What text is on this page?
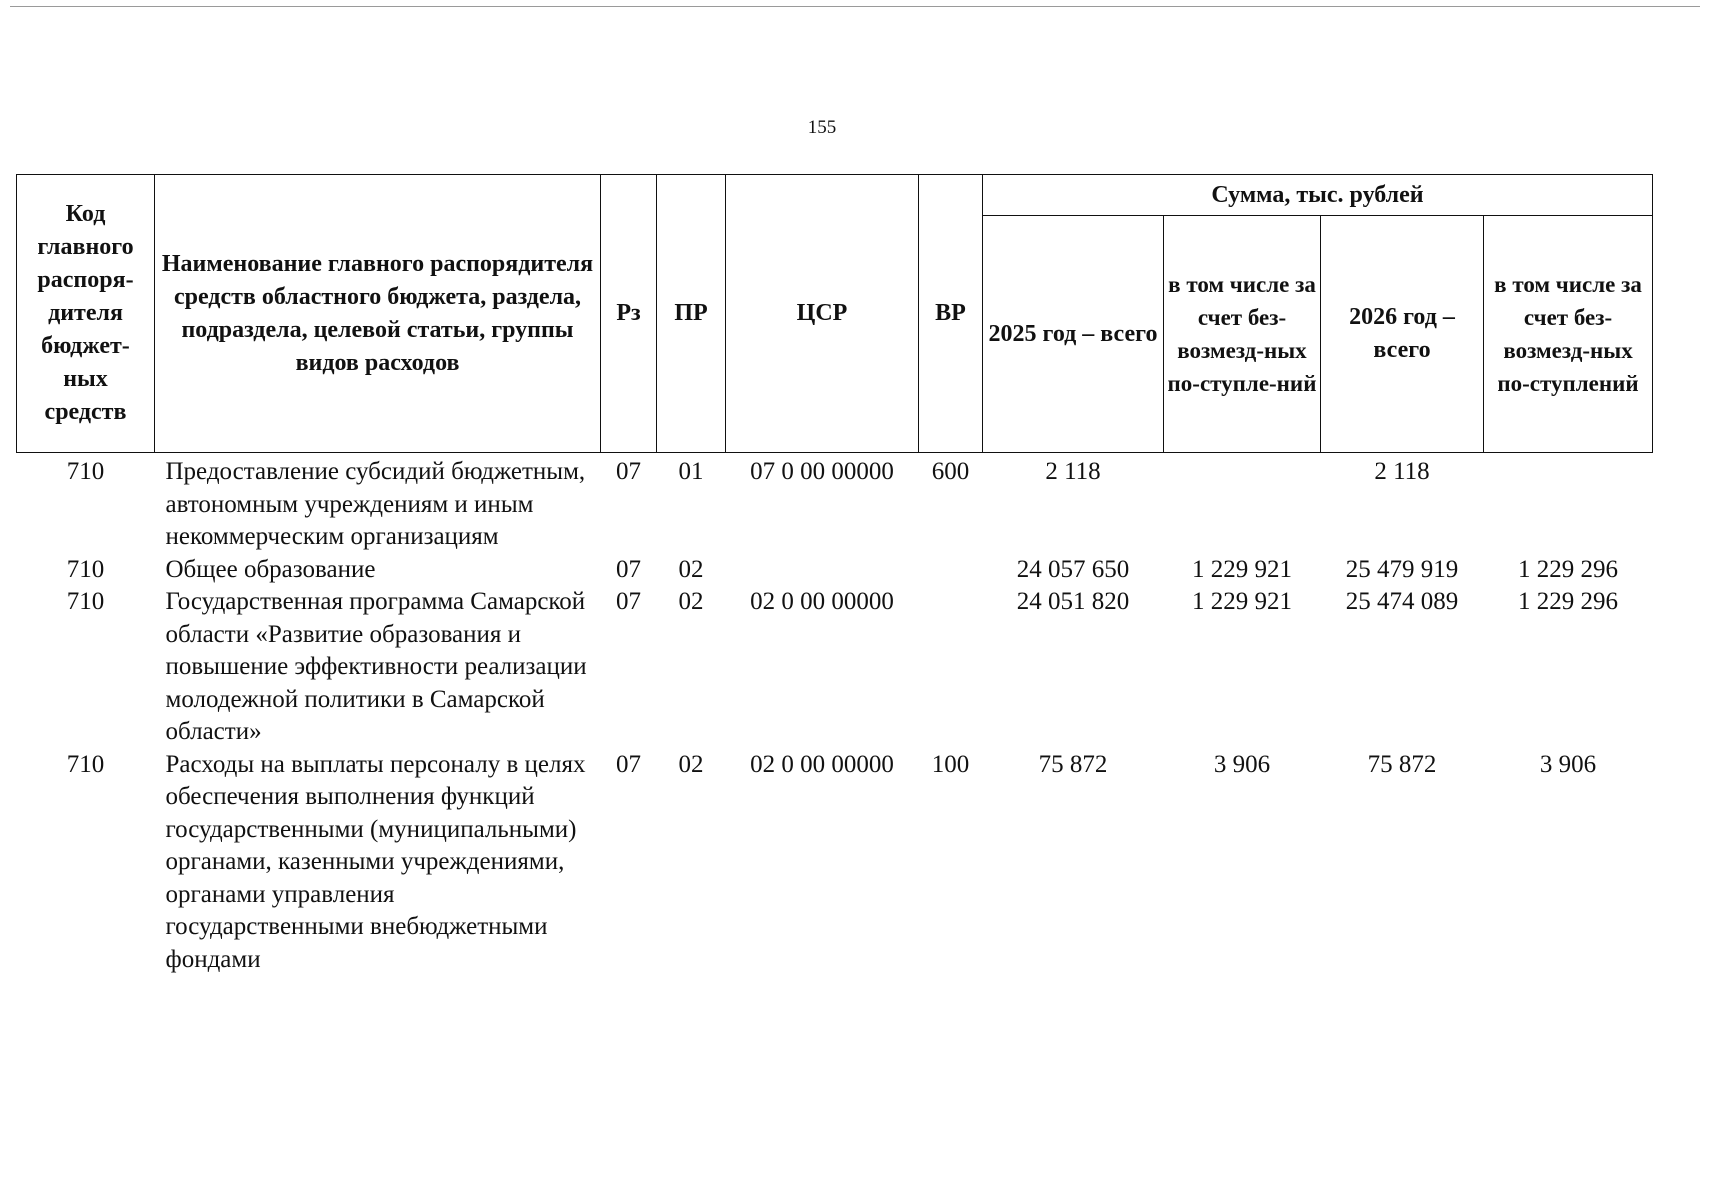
155
Код главного распоря-дителя бюджет-ных средств	Наименование главного распорядителя средств областного бюджета, раздела, подраздела, целевой статьи, группы видов расходов	Рз	ПР	ЦСР	ВР	Сумма, тыс. рублей			
						2025 год – всего	в том числе за счет без-возмезд-ных по-ступле-ний	2026 год – всего	в том числе за счет без-возмезд-ных по-ступлений
710	Предоставление субсидий бюджетным, автономным учреждениям и иным некоммерческим организациям	07	01	07 0 00 00000	600	2 118		2 118	
710	Общее образование	07	02			24 057 650	1 229 921	25 479 919	1 229 296
710	Государственная программа Самарской области «Развитие образования и повышение эффективности реализации молодежной политики в Самарской области»	07	02	02 0 00 00000		24 051 820	1 229 921	25 474 089	1 229 296
710	Расходы на выплаты персоналу в целях обеспечения выполнения функций государственными (муниципальными) органами, казенными учреждениями, органами управления государственными внебюджетными фондами	07	02	02 0 00 00000	100	75 872	3 906	75 872	3 906
